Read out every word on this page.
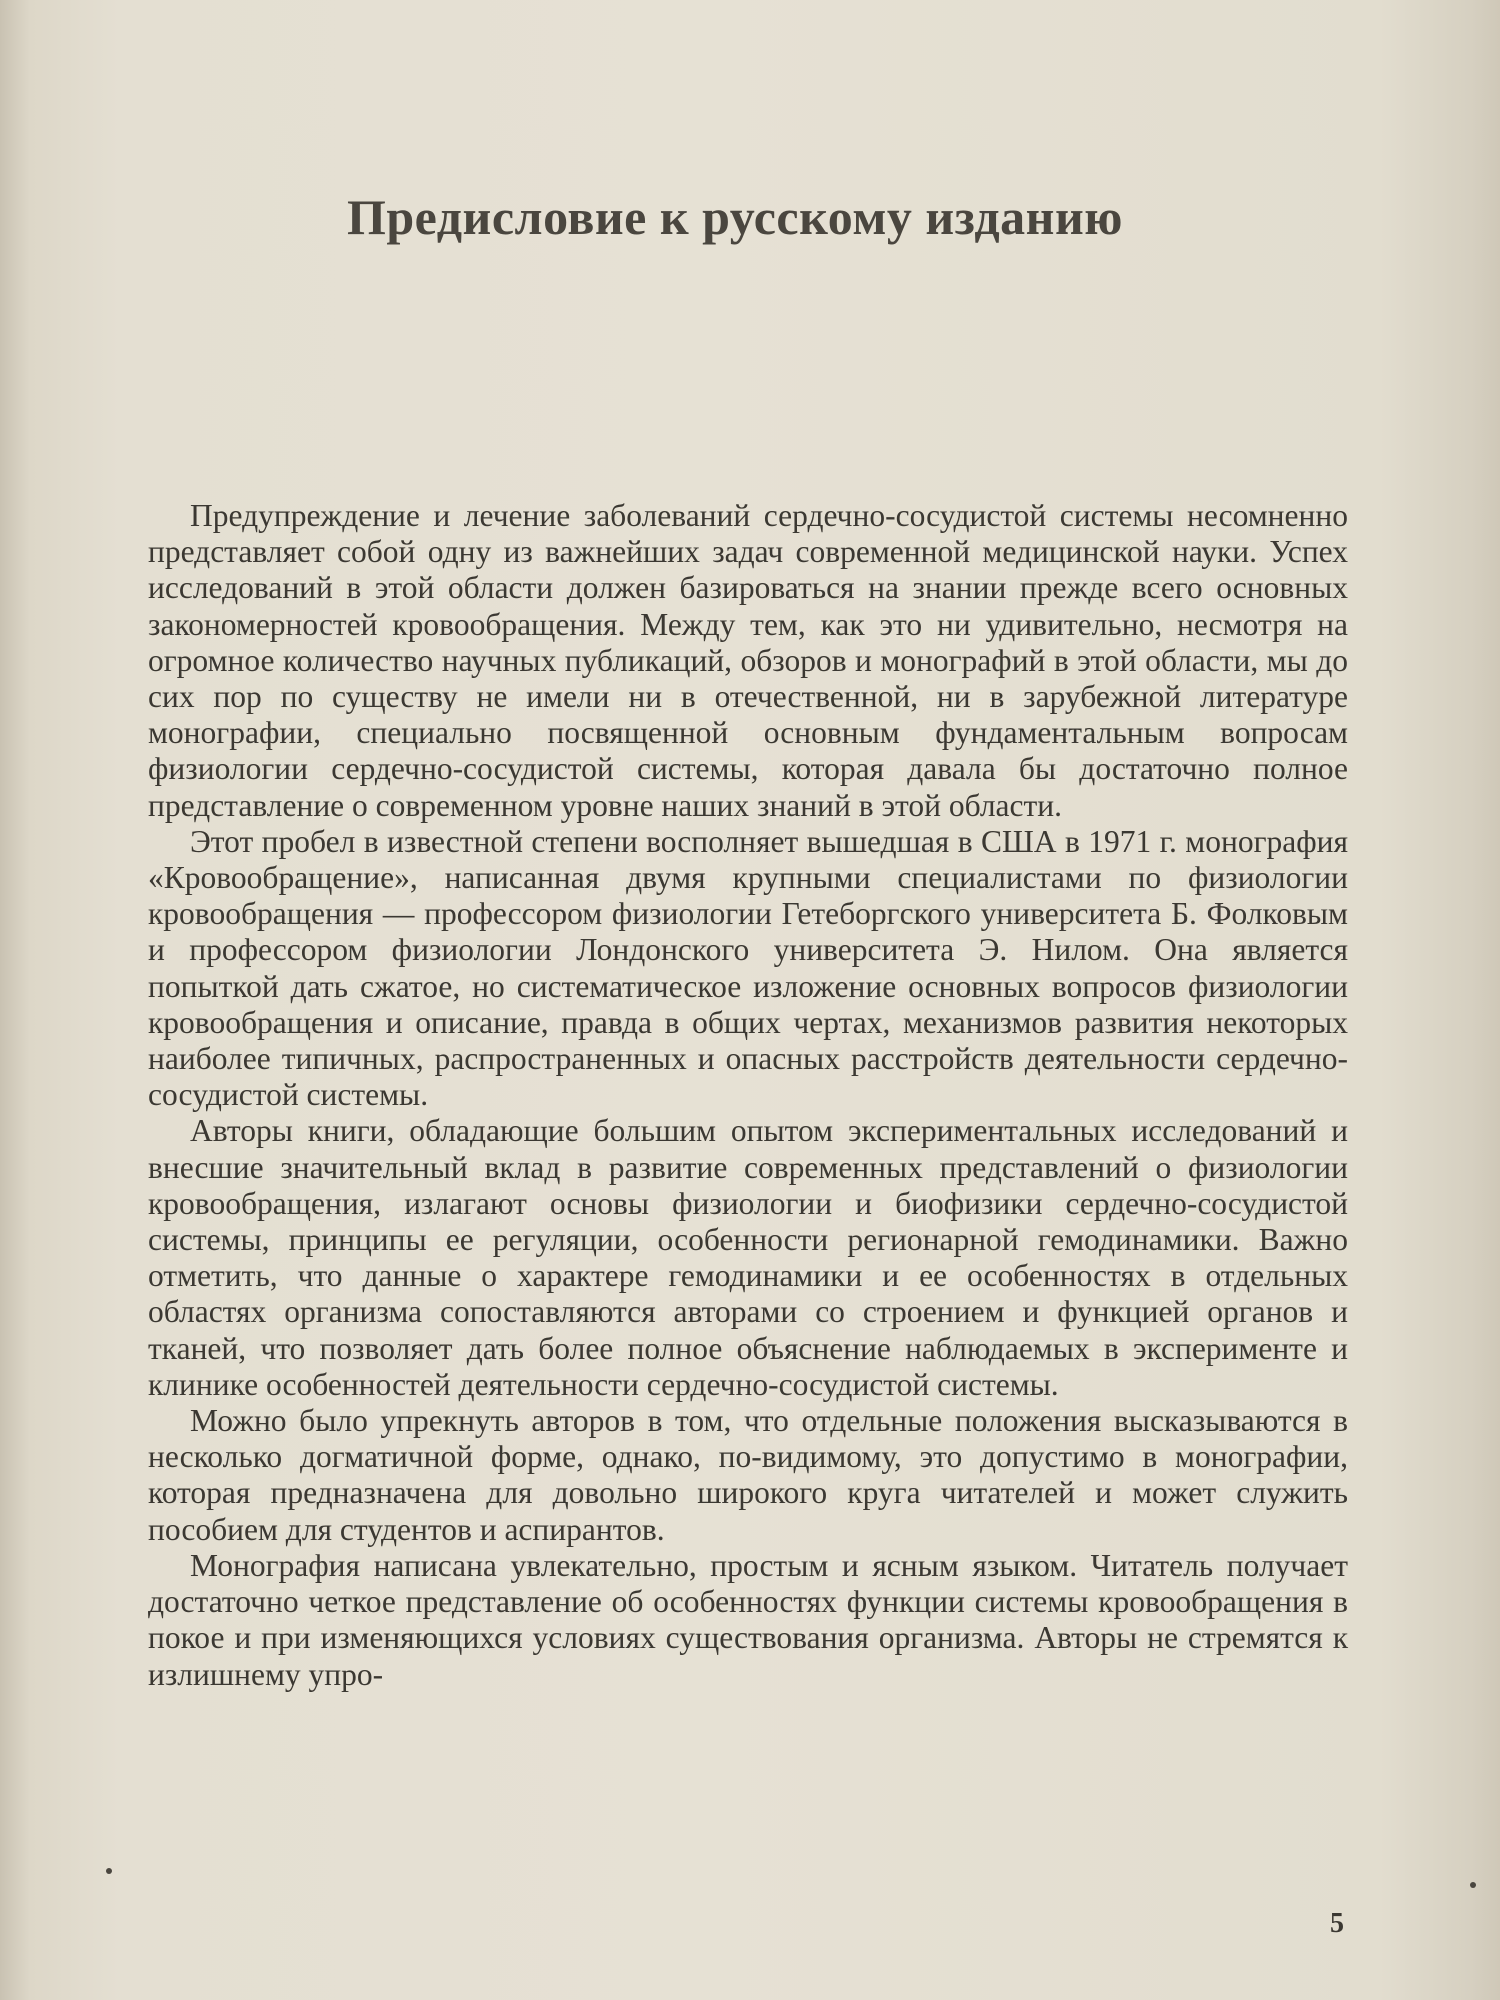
Предисловие к русскому изданию

Предупреждение и лечение заболеваний сердечно-сосудистой системы несомненно представляет собой одну из важнейших задач современной медицинской науки. Успех исследований в этой области должен базироваться на знании прежде всего основных закономерностей кровообращения. Между тем, как это ни удивительно, несмотря на огромное количество научных публикаций, обзоров и монографий в этой области, мы до сих пор по существу не имели ни в отечественной, ни в зарубежной литературе монографии, специально посвященной основным фундаментальным вопросам физиологии сердечно-сосудистой системы, которая давала бы достаточно полное представление о современном уровне наших знаний в этой области.

Этот пробел в известной степени восполняет вышедшая в США в 1971 г. монография «Кровообращение», написанная двумя крупными специалистами по физиологии кровообращения — профессором физиологии Гетеборгского университета Б. Фолковым и профессором физиологии Лондонского университета Э. Нилом. Она является попыткой дать сжатое, но систематическое изложение основных вопросов физиологии кровообращения и описание, правда в общих чертах, механизмов развития некоторых наиболее типичных, распространенных и опасных расстройств деятельности сердечно-сосудистой системы.

Авторы книги, обладающие большим опытом экспериментальных исследований и внесшие значительный вклад в развитие современных представлений о физиологии кровообращения, излагают основы физиологии и биофизики сердечно-сосудистой системы, принципы ее регуляции, особенности регионарной гемодинамики. Важно отметить, что данные о характере гемодинамики и ее особенностях в отдельных областях организма сопоставляются авторами со строением и функцией органов и тканей, что позволяет дать более полное объяснение наблюдаемых в эксперименте и клинике особенностей деятельности сердечно-сосудистой системы.

Можно было упрекнуть авторов в том, что отдельные положения высказываются в несколько догматичной форме, однако, по-видимому, это допустимо в монографии, которая предназначена для довольно широкого круга читателей и может служить пособием для студентов и аспирантов.

Монография написана увлекательно, простым и ясным языком. Читатель получает достаточно четкое представление об особенностях функции системы кровообращения в покое и при изменяющихся условиях существования организма. Авторы не стремятся к излишнему упро-

5
